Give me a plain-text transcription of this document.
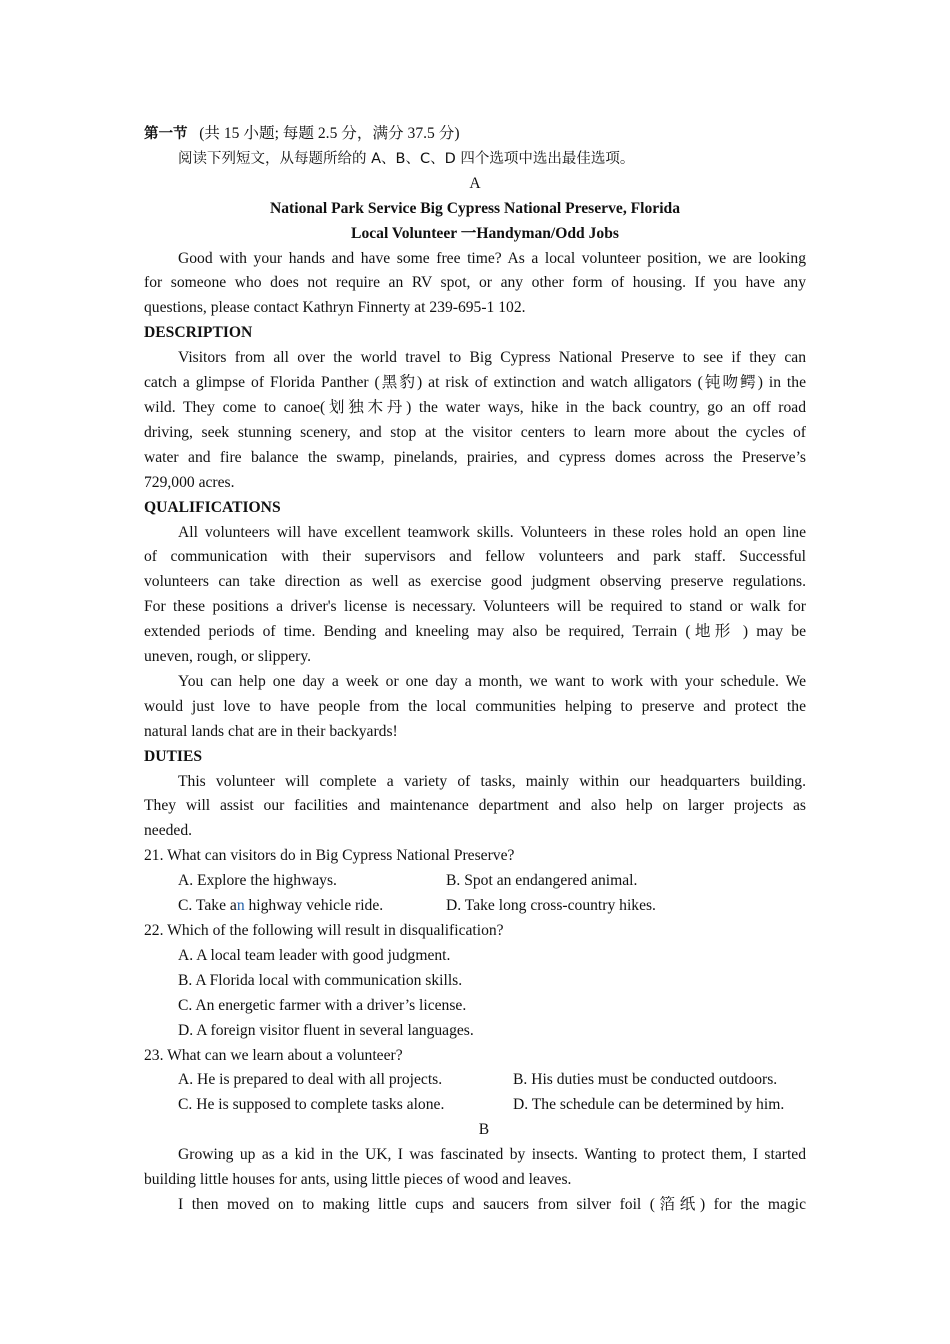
第一节 (共 15 小题; 每题 2.5 分，满分 37.5 分)
阅读下列短文，从每题所给的 A、B、C、D 四个选项中选出最佳选项。
A
National Park Service Big Cypress National Preserve, Florida
Local Volunteer 一Handyman/Odd Jobs
Good with your hands and have some free time? As a local volunteer position, we are looking
for someone who does not require an RV spot, or any other form of housing. If you have any
questions, please contact Kathryn Finnerty at 239-695-1 102.
DESCRIPTION
Visitors from all over the world travel to Big Cypress National Preserve to see if they can
catch a glimpse of Florida Panther (黑豹) at risk of extinction and watch alligators (钝吻鳄) in the
wild. They come to canoe(划独木丹) the water ways, hike in the back country, go an off road
driving, seek stunning scenery, and stop at the visitor centers to learn more about the cycles of
water and fire balance the swamp, pinelands, prairies, and cypress domes across the Preserve’s
729,000 acres.
QUALIFICATIONS
All volunteers will have excellent teamwork skills. Volunteers in these roles hold an open line
of communication with their supervisors and fellow volunteers and park staff. Successful
volunteers can take direction as well as exercise good judgment observing preserve regulations.
For these positions a driver's license is necessary. Volunteers will be required to stand or walk for
extended periods of time. Bending and kneeling may also be required, Terrain (地形 ) may be
uneven, rough, or slippery.
You can help one day a week or one day a month, we want to work with your schedule. We
would just love to have people from the local communities helping to preserve and protect the
natural lands chat are in their backyards!
DUTIES
This volunteer will complete a variety of tasks, mainly within our headquarters building.
They will assist our facilities and maintenance department and also help on larger projects as
needed.
21. What can visitors do in Big Cypress National Preserve?
A. Explore the highways.	B. Spot an endangered animal.
C. Take an highway vehicle ride.	D. Take long cross-country hikes.
22. Which of the following will result in disqualification?
A. A local team leader with good judgment.
B. A Florida local with communication skills.
C. An energetic farmer with a driver’s license.
D. A foreign visitor fluent in several languages.
23. What can we learn about a volunteer?
A. He is prepared to deal with all projects.	B. His duties must be conducted outdoors.
C. He is supposed to complete tasks alone.	D. The schedule can be determined by him.
B
Growing up as a kid in the UK, I was fascinated by insects. Wanting to protect them, I started
building little houses for ants, using little pieces of wood and leaves.
I then moved on to making little cups and saucers from silver foil (箔纸) for the magic
